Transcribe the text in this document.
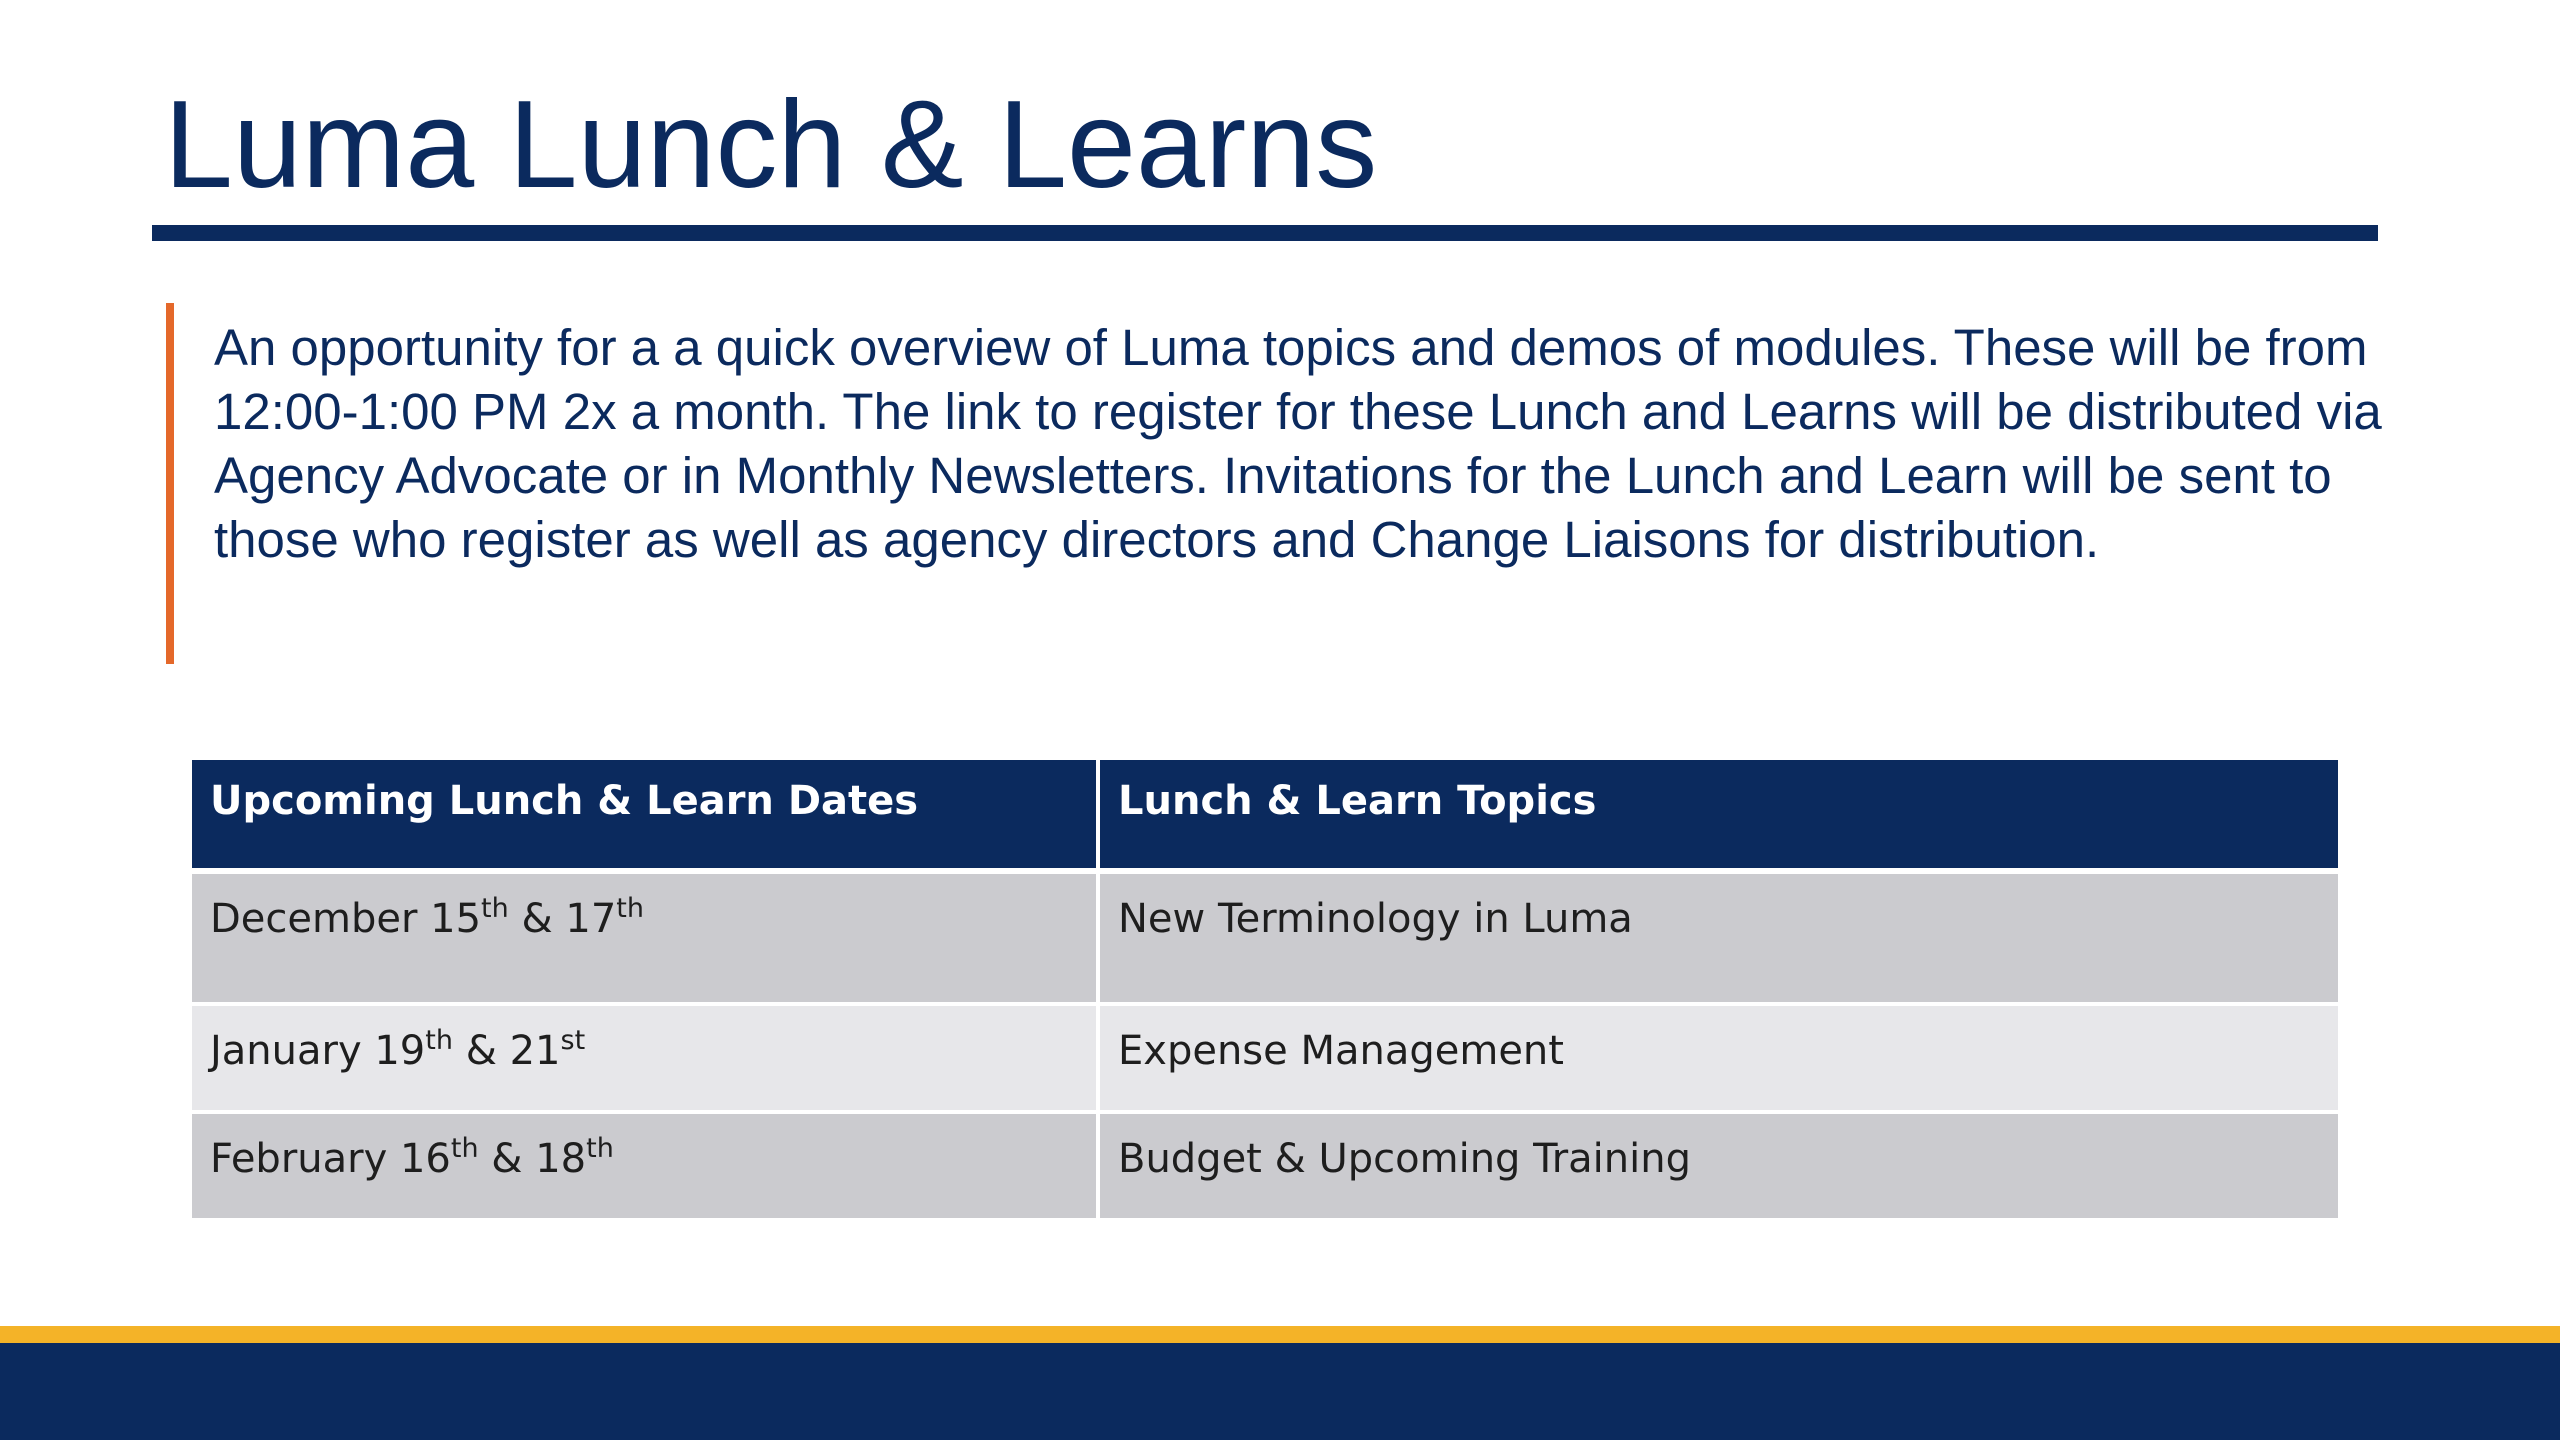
Luma Lunch & Learns

An opportunity for a a quick overview of Luma topics and demos of modules. These will be from 12:00-1:00 PM 2x a month. The link to register for these Lunch and Learns will be distributed via Agency Advocate or in Monthly Newsletters. Invitations for the Lunch and Learn will be sent to those who register as well as agency directors and Change Liaisons for distribution.

Upcoming Lunch & Learn Dates	Lunch & Learn Topics
December 15th & 17th	New Terminology in Luma
January 19th & 21st	Expense Management
February 16th & 18th	Budget & Upcoming Training
